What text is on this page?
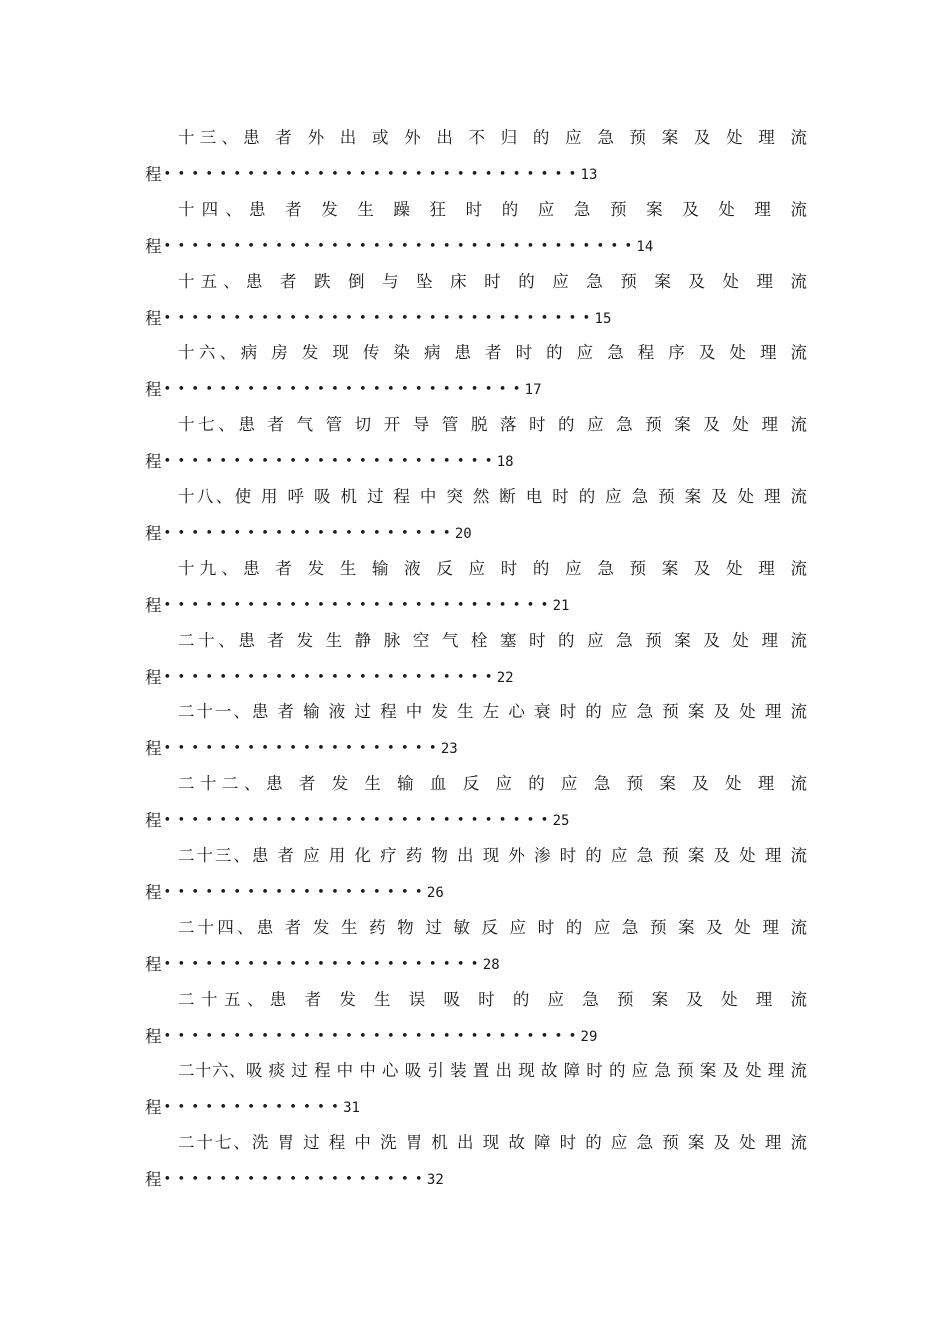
十三、患 者 外 出 或 外 出 不 归 的 应 急 预 案 及 处 理 流
程 ••••••••••••••••••••••••••••••
13
十四、患 者 发 生 躁 狂 时 的 应 急 预 案 及 处 理 流
程 ••••••••••••••••••••••••••••••••••
14
十五、患 者 跌 倒 与 坠 床 时 的 应 急 预 案 及 处 理 流
程 •••••••••••••••••••••••••••••••
15
十六、病 房 发 现 传 染 病 患 者 时 的 应 急 程 序 及 处 理 流
程 ••••••••••••••••••••••••••
17
十七、患 者 气 管 切 开 导 管 脱 落 时 的 应 急 预 案 及 处 理 流
程 ••••••••••••••••••••••••
18
十八、使 用 呼 吸 机 过 程 中 突 然 断 电 时 的 应 急 预 案 及 处 理 流
程 •••••••••••••••••••••
20
十九、患 者 发 生 输 液 反 应 时 的 应 急 预 案 及 处 理 流
程 ••••••••••••••••••••••••••••
21
二十、患 者 发 生 静 脉 空 气 栓 塞 时 的 应 急 预 案 及 处 理 流
程 ••••••••••••••••••••••••
22
二十一、患 者 输 液 过 程 中 发 生 左 心 衰 时 的 应 急 预 案 及 处 理 流
程 ••••••••••••••••••••
23
二十二、患 者 发 生 输 血 反 应 的 应 急 预 案 及 处 理 流
程 ••••••••••••••••••••••••••••
25
二十三、患 者 应 用 化 疗 药 物 出 现 外 渗 时 的 应 急 预 案 及 处 理 流
程 •••••••••••••••••••
26
二十四、患 者 发 生 药 物 过 敏 反 应 时 的 应 急 预 案 及 处 理 流
程 •••••••••••••••••••••••
28
二十五、患 者 发 生 误 吸 时 的 应 急 预 案 及 处 理 流
程 ••••••••••••••••••••••••••••••
29
二十六、吸 痰 过 程 中 中 心 吸 引 装 置 出 现 故 障 时 的 应 急 预 案 及 处 理 流
程 •••••••••••••
31
二十七、洗 胃 过 程 中 洗 胃 机 出 现 故 障 时 的 应 急 预 案 及 处 理 流
程 •••••••••••••••••••
32
